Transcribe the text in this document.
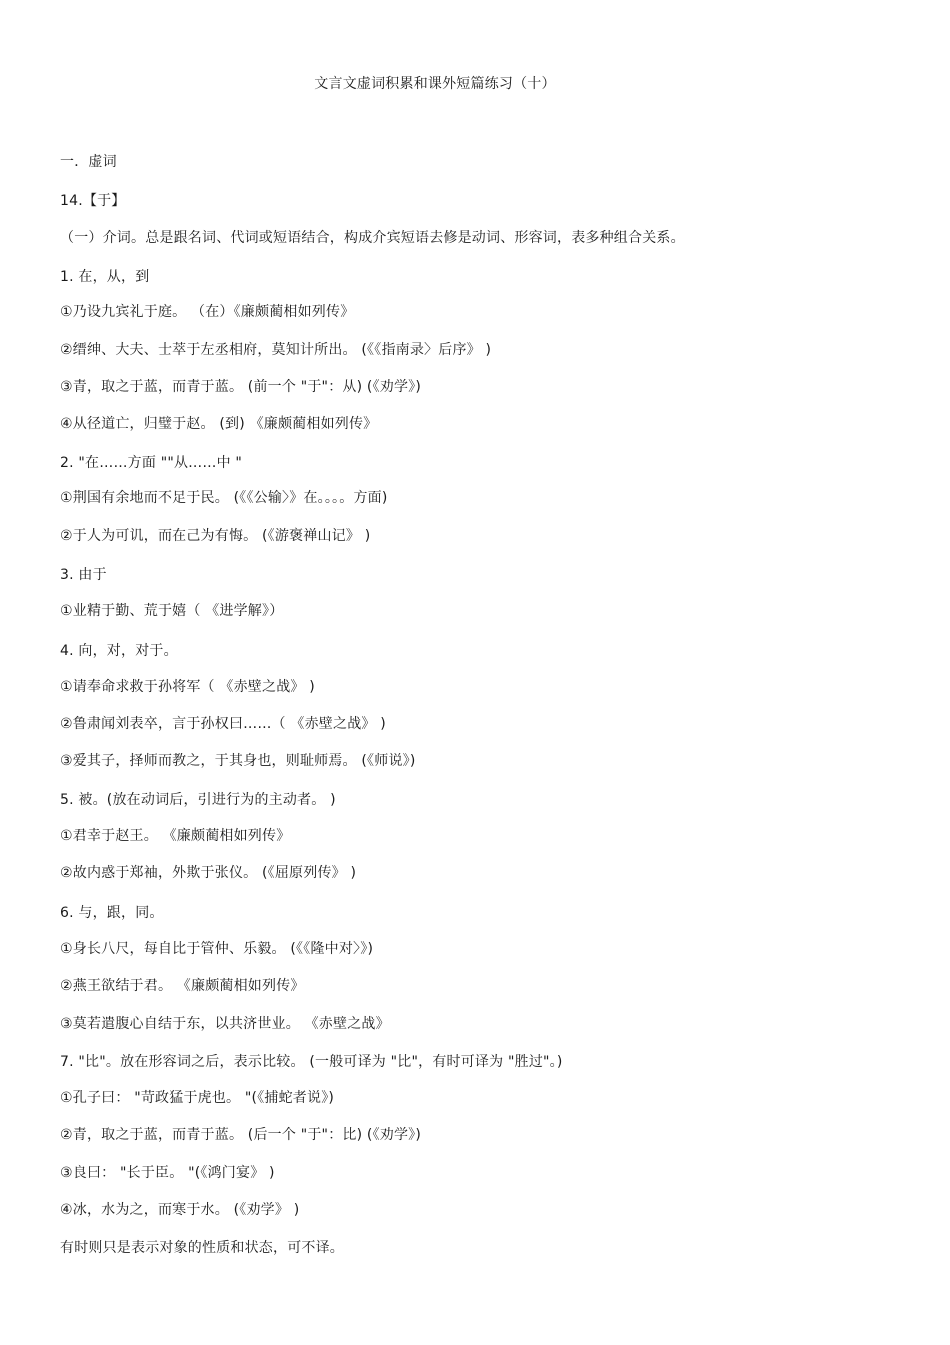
文言文虚词积累和课外短篇练习（十）
一．虚词
14.【于】
（一）介词。总是跟名词、代词或短语结合，构成介宾短语去修是动词、形容词，表多种组合关系。
1. 在，从，到
①乃设九宾礼于庭。 （在）《廉颇蔺相如列传》
②缙绅、大夫、士萃于左丞相府，莫知计所出。 (《《指南录〉后序》 )
③青，取之于蓝，而青于蓝。 (前一个 "于"：从) (《劝学》)
④从径道亡，归璧于赵。 (到) 《廉颇蔺相如列传》
2. "在……方面 ""从……中 "
①荆国有余地而不足于民。 (《《公输〉》在。。。。方面)
②于人为可讥，而在己为有悔。 (《游褒禅山记》 )
3. 由于
①业精于勤、荒于嬉（ 《进学解》）
4. 向，对，对于。
①请奉命求救于孙将军（ 《赤壁之战》 )
②鲁肃闻刘表卒，言于孙权曰……（ 《赤壁之战》 )
③爱其子，择师而教之，于其身也，则耻师焉。 (《师说》)
5. 被。(放在动词后，引进行为的主动者。 )
①君幸于赵王。 《廉颇蔺相如列传》
②故内惑于郑袖，外欺于张仪。 (《屈原列传》 )
6. 与，跟，同。
①身长八尺，每自比于管仲、乐毅。 (《《隆中对〉》)
②燕王欲结于君。 《廉颇蔺相如列传》
③莫若遣腹心自结于东，以共济世业。 《赤壁之战》
7. "比"。放在形容词之后，表示比较。 (一般可译为 "比"，有时可译为 "胜过"。)
①孔子曰： "苛政猛于虎也。 "(《捕蛇者说》)
②青，取之于蓝，而青于蓝。 (后一个 "于"：比) (《劝学》)
③良曰： "长于臣。 "(《鸿门宴》 )
④冰，水为之，而寒于水。 (《劝学》 )
有时则只是表示对象的性质和状态，可不译。
